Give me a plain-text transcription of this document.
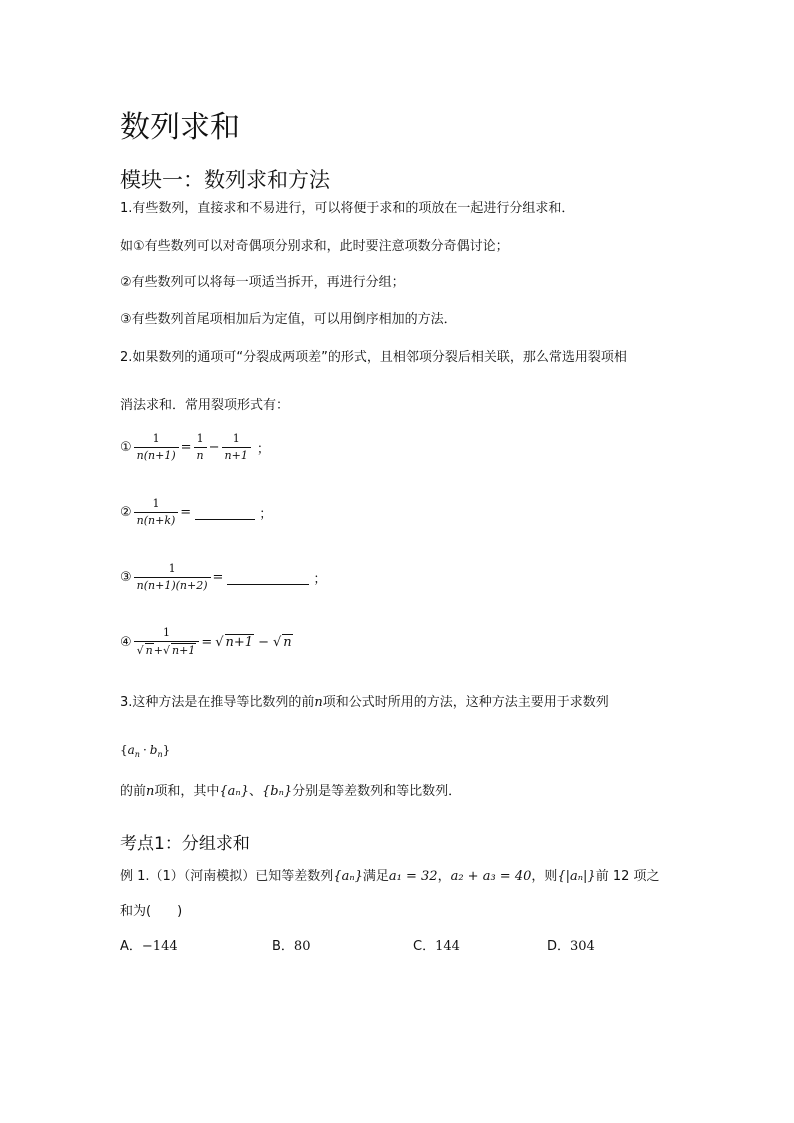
数列求和
模块一：数列求和方法
1.有些数列，直接求和不易进行，可以将便于求和的项放在一起进行分组求和．
如①有些数列可以对奇偶项分别求和，此时要注意项数分奇偶讨论；
②有些数列可以将每一项适当拆开，再进行分组；
③有些数列首尾项相加后为定值，可以用倒序相加的方法．
2.如果数列的通项可“分裂成两项差”的形式，且相邻项分裂后相关联，那么常选用裂项相
消法求和．常用裂项形式有：
① $\frac{1}{n(n+1)} = \frac{1}{n} - \frac{1}{n+1}$ ；
② $\frac{1}{n(n+k)}$ =	；
③ $\frac{1}{n(n+1)(n+2)}$ =	；
④ $\frac{1}{√ n+√ n+1}$ = √ n+1 − √ n
3.这种方法是在推导等比数列的前n项和公式时所用的方法，这种方法主要用于求数列
$\{a_n \cdot b_n\}$
的前n项和，其中{aₙ}、{bₙ}分别是等差数列和等比数列．
考点1：分组求和
例 1.（1）（河南模拟）已知等差数列{aₙ}满足a₁ = 32，a₂ + a₃ = 40，则{|aₙ|}前 12 项之
和为(　　)
A．−144	B．80	C．144	D．304
